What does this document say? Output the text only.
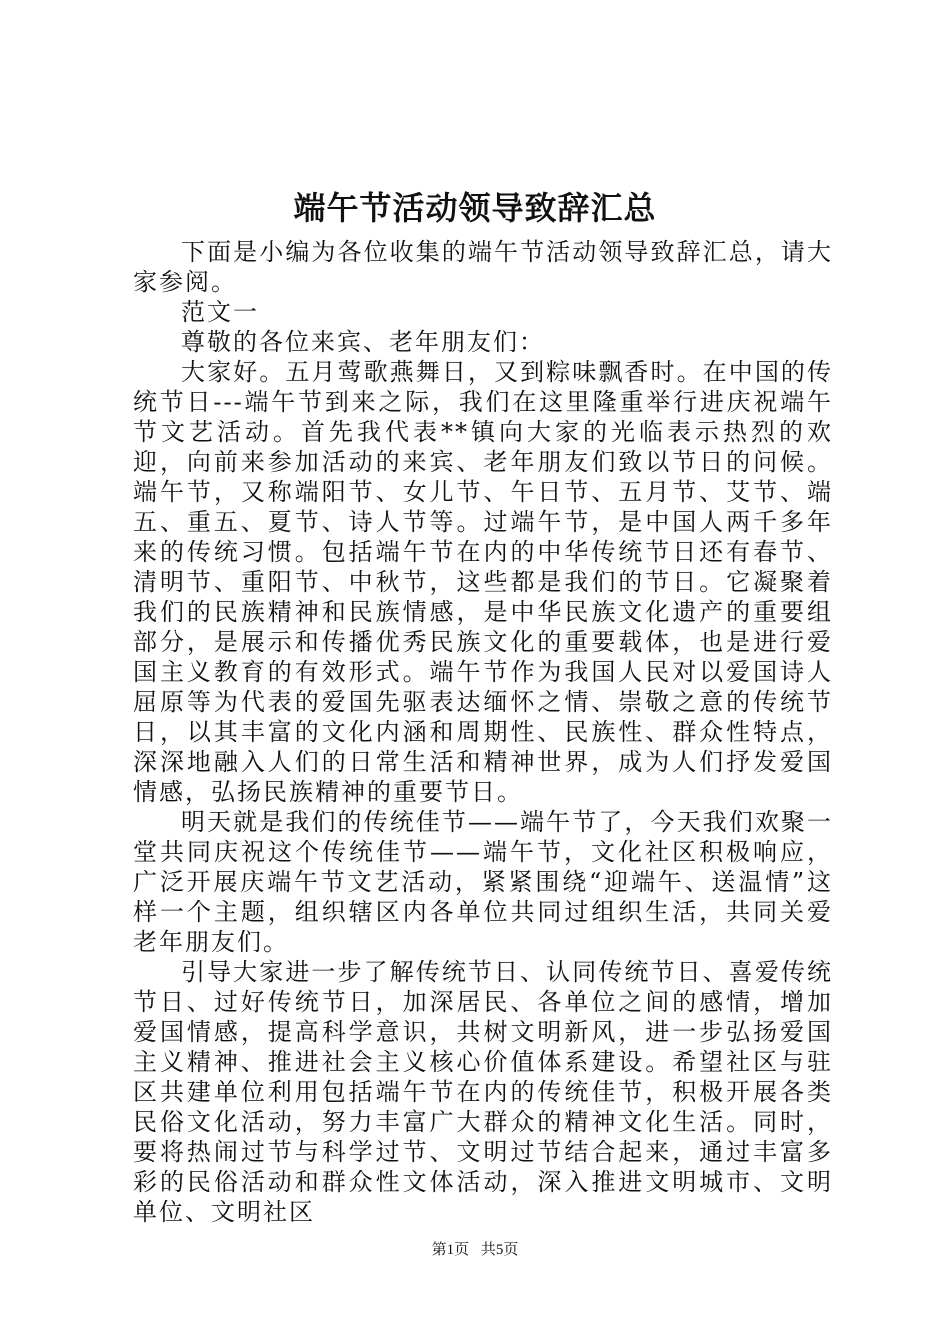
端午节活动领导致辞汇总

下面是小编为各位收集的端午节活动领导致辞汇总，请大家参阅。

范文一

尊敬的各位来宾、老年朋友们：

大家好。五月莺歌燕舞日，又到粽味飘香时。在中国的传统节日---端午节到来之际，我们在这里隆重举行进庆祝端午节文艺活动。首先我代表**镇向大家的光临表示热烈的欢迎，向前来参加活动的来宾、老年朋友们致以节日的问候。端午节，又称端阳节、女儿节、午日节、五月节、艾节、端五、重五、夏节、诗人节等。过端午节，是中国人两千多年来的传统习惯。包括端午节在内的中华传统节日还有春节、清明节、重阳节、中秋节，这些都是我们的节日。它凝聚着我们的民族精神和民族情感，是中华民族文化遗产的重要组部分，是展示和传播优秀民族文化的重要载体，也是进行爱国主义教育的有效形式。端午节作为我国人民对以爱国诗人屈原等为代表的爱国先驱表达缅怀之情、崇敬之意的传统节日，以其丰富的文化内涵和周期性、民族性、群众性特点，深深地融入人们的日常生活和精神世界，成为人们抒发爱国情感，弘扬民族精神的重要节日。

明天就是我们的传统佳节——端午节了，今天我们欢聚一堂共同庆祝这个传统佳节——端午节，文化社区积极响应，广泛开展庆端午节文艺活动，紧紧围绕“迎端午、送温情”这样一个主题，组织辖区内各单位共同过组织生活，共同关爱老年朋友们。

引导大家进一步了解传统节日、认同传统节日、喜爱传统节日、过好传统节日，加深居民、各单位之间的感情，增加爱国情感，提高科学意识，共树文明新风，进一步弘扬爱国主义精神、推进社会主义核心价值体系建设。希望社区与驻区共建单位利用包括端午节在内的传统佳节，积极开展各类民俗文化活动，努力丰富广大群众的精神文化生活。同时，要将热闹过节与科学过节、文明过节结合起来，通过丰富多彩的民俗活动和群众性文体活动，深入推进文明城市、文明单位、文明社区

第1页 共5页
